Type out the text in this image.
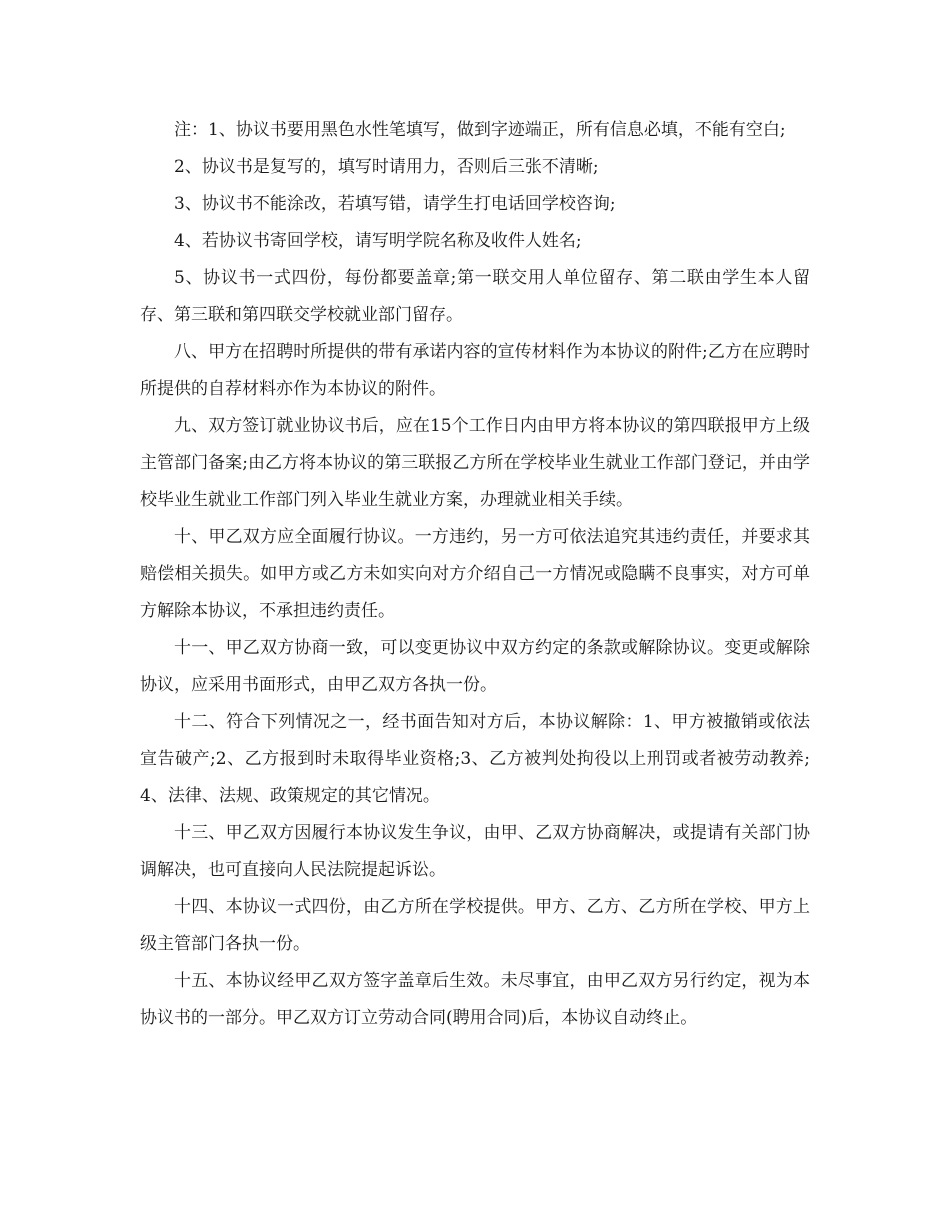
注：1、协议书要用黑色水性笔填写，做到字迹端正，所有信息必填，不能有空白;

2、协议书是复写的，填写时请用力，否则后三张不清晰;

3、协议书不能涂改，若填写错，请学生打电话回学校咨询;

4、若协议书寄回学校，请写明学院名称及收件人姓名;

5、协议书一式四份，每份都要盖章;第一联交用人单位留存、第二联由学生本人留存、第三联和第四联交学校就业部门留存。

八、甲方在招聘时所提供的带有承诺内容的宣传材料作为本协议的附件;乙方在应聘时所提供的自荐材料亦作为本协议的附件。

九、双方签订就业协议书后，应在15个工作日内由甲方将本协议的第四联报甲方上级主管部门备案;由乙方将本协议的第三联报乙方所在学校毕业生就业工作部门登记，并由学校毕业生就业工作部门列入毕业生就业方案，办理就业相关手续。

十、甲乙双方应全面履行协议。一方违约，另一方可依法追究其违约责任，并要求其赔偿相关损失。如甲方或乙方未如实向对方介绍自己一方情况或隐瞒不良事实，对方可单方解除本协议，不承担违约责任。

十一、甲乙双方协商一致，可以变更协议中双方约定的条款或解除协议。变更或解除协议，应采用书面形式，由甲乙双方各执一份。

十二、符合下列情况之一，经书面告知对方后，本协议解除：1、甲方被撤销或依法宣告破产;2、乙方报到时未取得毕业资格;3、乙方被判处拘役以上刑罚或者被劳动教养;4、法律、法规、政策规定的其它情况。

十三、甲乙双方因履行本协议发生争议，由甲、乙双方协商解决，或提请有关部门协调解决，也可直接向人民法院提起诉讼。

十四、本协议一式四份，由乙方所在学校提供。甲方、乙方、乙方所在学校、甲方上级主管部门各执一份。

十五、本协议经甲乙双方签字盖章后生效。未尽事宜，由甲乙双方另行约定，视为本协议书的一部分。甲乙双方订立劳动合同(聘用合同)后，本协议自动终止。
